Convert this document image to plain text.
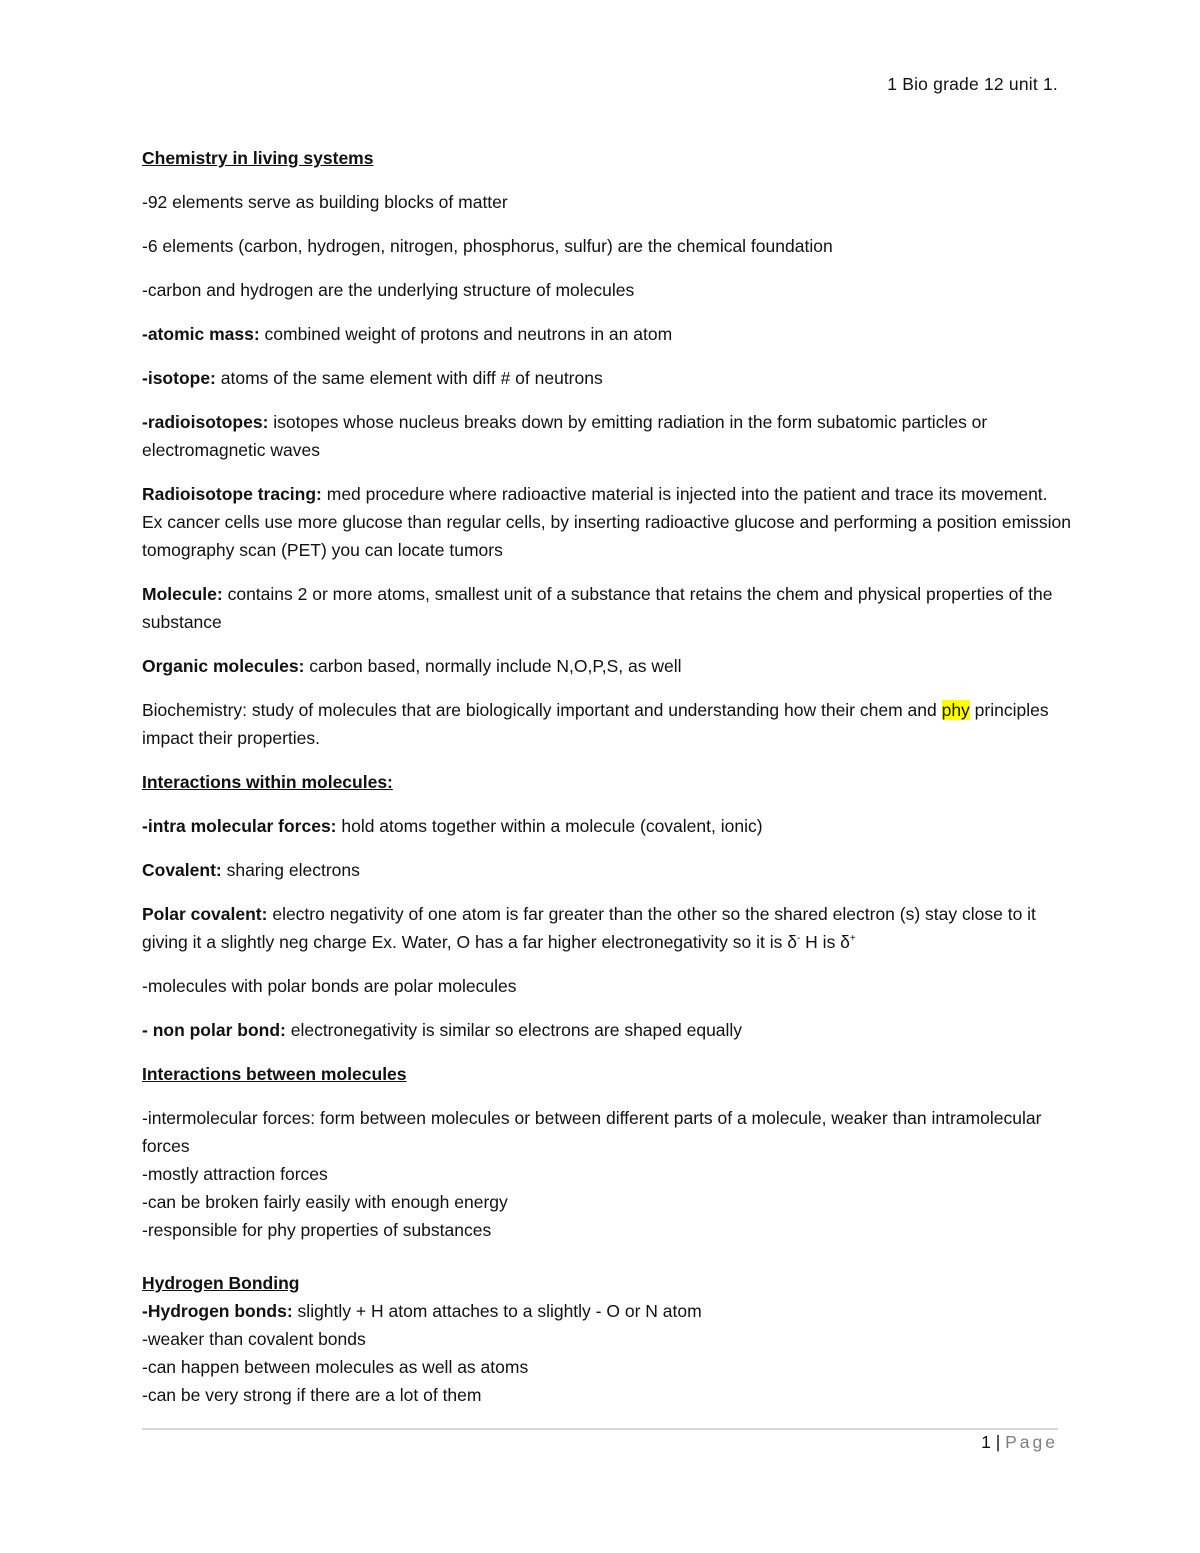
1 Bio grade 12 unit 1.

Chemistry in living systems

-92 elements serve as building blocks of matter

-6 elements (carbon, hydrogen, nitrogen, phosphorus, sulfur) are the chemical foundation

-carbon and hydrogen are the underlying structure of molecules

-atomic mass: combined weight of protons and neutrons in an atom

-isotope: atoms of the same element with diff # of neutrons

-radioisotopes: isotopes whose nucleus breaks down by emitting radiation in the form subatomic particles or electromagnetic waves

Radioisotope tracing: med procedure where radioactive material is injected into the patient and trace its movement. Ex cancer cells use more glucose than regular cells, by inserting radioactive glucose and performing a position emission tomography scan (PET) you can locate tumors

Molecule: contains 2 or more atoms, smallest unit of a substance that retains the chem and physical properties of the substance

Organic molecules: carbon based, normally include N,O,P,S, as well

Biochemistry: study of molecules that are biologically important and understanding how their chem and phy principles impact their properties.

Interactions within molecules:

-intra molecular forces: hold atoms together within a molecule (covalent, ionic)

Covalent: sharing electrons

Polar covalent: electro negativity of one atom is far greater than the other so the shared electron (s) stay close to it giving it a slightly neg charge Ex. Water, O has a far higher electronegativity so it is δ- H is δ+

-molecules with polar bonds are polar molecules

- non polar bond: electronegativity is similar so electrons are shaped equally

Interactions between molecules

-intermolecular forces: form between molecules or between different parts of a molecule, weaker than intramolecular forces

-mostly attraction forces

-can be broken fairly easily with enough energy

-responsible for phy properties of substances

Hydrogen Bonding

-Hydrogen bonds: slightly + H atom attaches to a slightly - O or N atom

-weaker than covalent bonds

-can happen between molecules as well as atoms

-can be very strong if there are a lot of them

1 | Page
